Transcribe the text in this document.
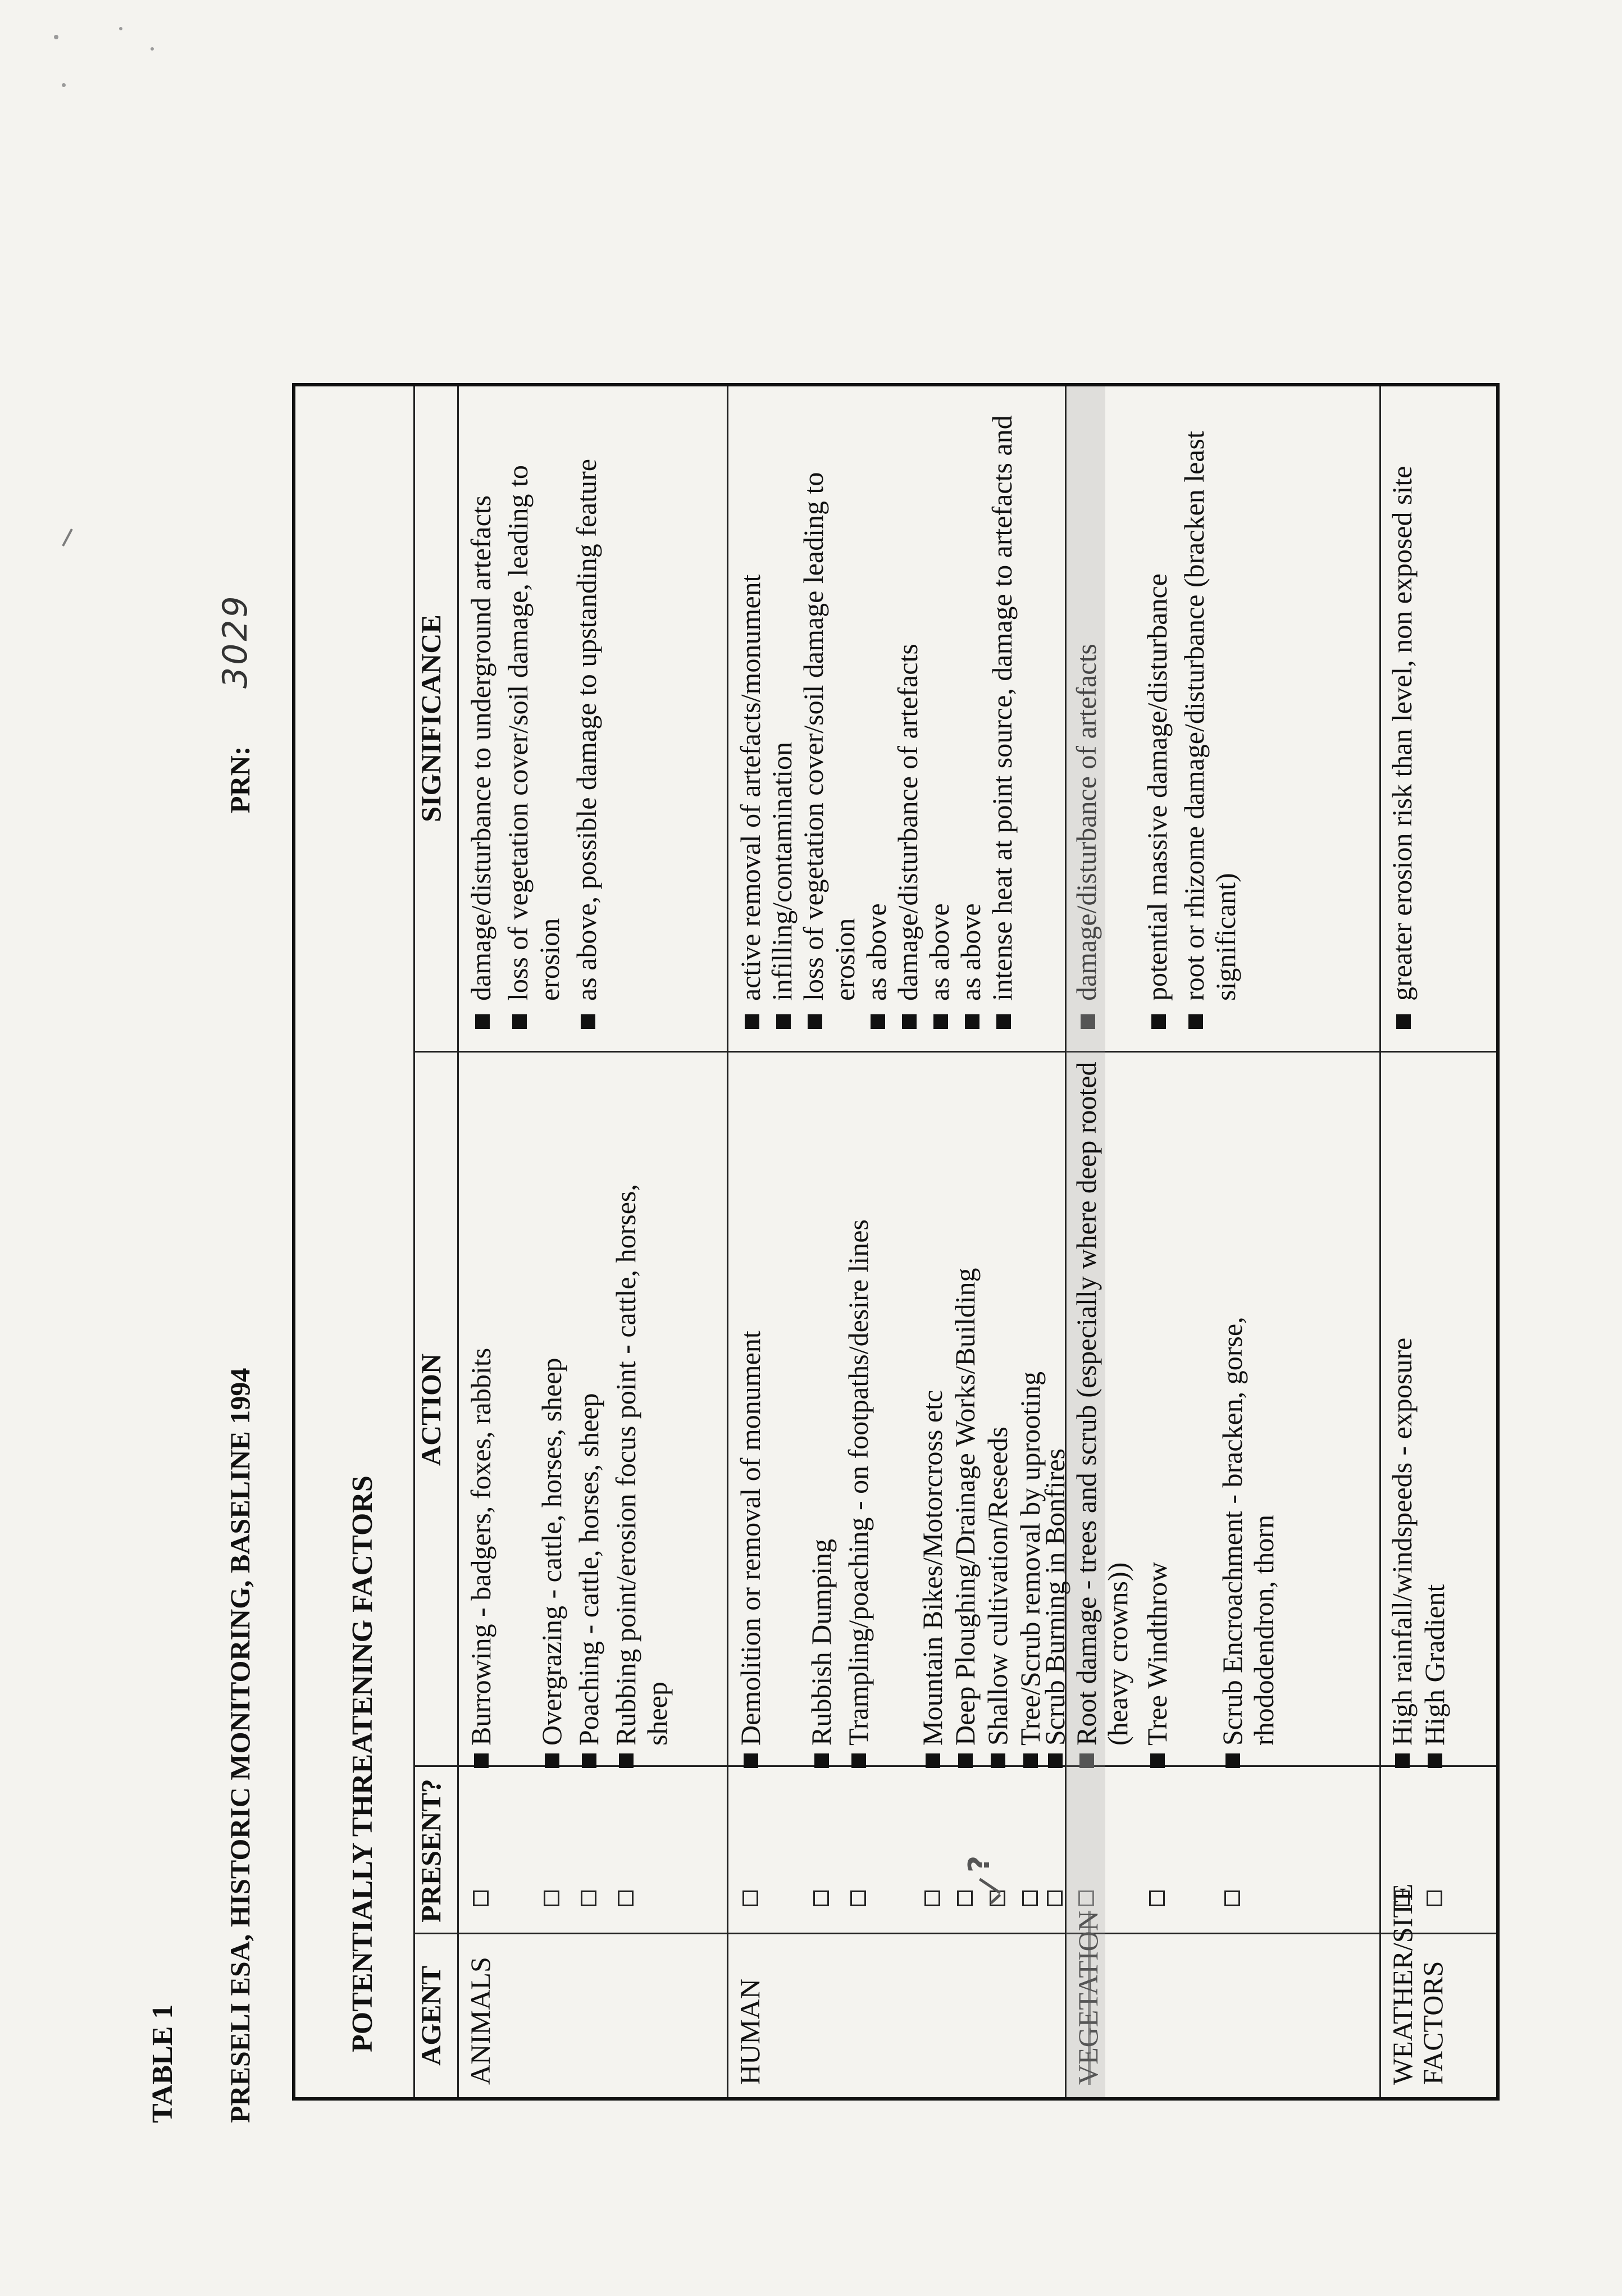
TABLE 1 PRESELI ESA, HISTORIC MONITORING, BASELINE 1994
PRN:
3029
POTENTIALLY THREATENING FACTORS AGENT
PRESENT?
ACTION
SIGNIFICANCE
ANIMALS
Burrowing - badgers, foxes, rabbits Overgrazing - cattle, horses, sheep Poaching - cattle, horses, sheep Rubbing point/erosion focus point - cattle, horses, sheep
damage/disturbance to underground artefacts loss of vegetation cover/soil damage, leading to erosion as above, possible damage to upstanding feature
HUMAN
Demolition or removal of monument Rubbish Dumping Trampling/poaching - on footpaths/desire lines Mountain Bikes/Motorcross etc Deep Ploughing/Drainage Works/Building
?
Shallow cultivation/Reseeds Tree/Scrub removal by uprooting
Scrub Burning in Bonfires
active removal of artefacts/monument infilling/contamination loss of vegetation cover/soil damage leading to erosion as above damage/disturbance of artefacts as above as above intense heat at point source, damage to artefacts and
VEGETATION
Root damage - trees and scrub (especially where deep rooted (heavy crowns)) Tree Windthrow Scrub Encroachment - bracken, gorse, rhododendron, thorn
damage/disturbance of artefacts potential massive damage/disturbance root or rhizome damage/disturbance (bracken least significant)
WEATHER/SITE FACTORS
High rainfall/windspeeds - exposure High Gradient
greater erosion risk than level, non exposed site
